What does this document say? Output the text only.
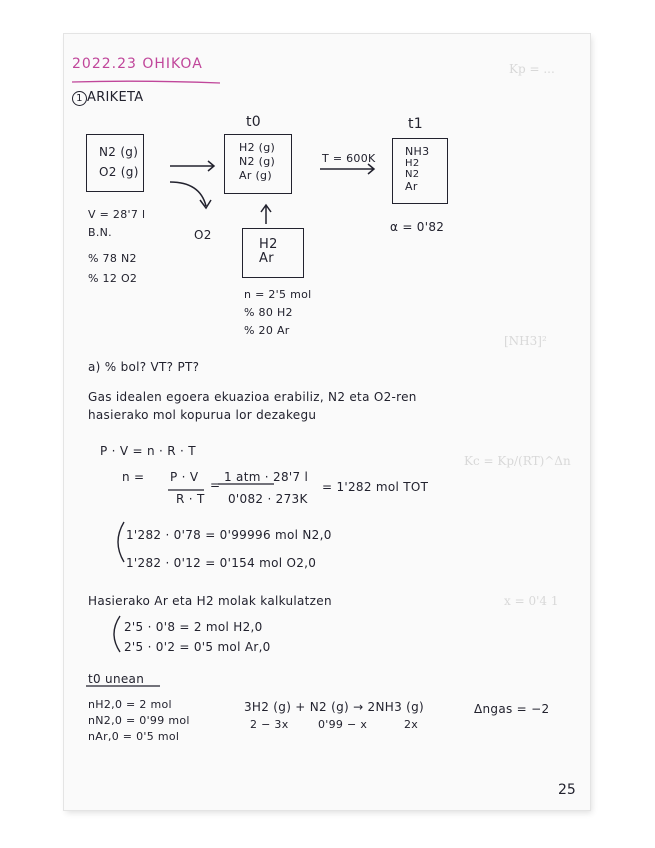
Kp = ...
[NH3]²
Kc = Kp/(RT)^Δn
x = 0'4 1
2022.23 OHIKOA
1 ARIKETA
N2 (g)
O2 (g)
V = 28'7 l
B.N.
% 78 N2
% 12 O2
O2
t0
H2 (g)
N2 (g)
Ar (g)
H2
Ar
n = 2'5 mol
% 80 H2
% 20 Ar
T = 600K
t1
NH3
H2
N2
Ar
α = 0'82
a) % bol? VT? PT?
Gas idealen egoera ekuazioa erabiliz, N2 eta O2-ren
hasierako mol kopurua lor dezakegu
P · V = n · R · T
n = P · V
R · T
=
1 atm · 28'7 l
0'082 · 273K
= 1'282 mol TOT
1'282 · 0'78 = 0'99996 mol N2,0
1'282 · 0'12 = 0'154 mol O2,0
Hasierako Ar eta H2 molak kalkulatzen
2'5 · 0'8 = 2 mol H2,0
2'5 · 0'2 = 0'5 mol Ar,0
t0 unean
nH2,0 = 2 mol
nN2,0 = 0'99 mol
nAr,0 = 0'5 mol
3H2 (g) + N2 (g) → 2NH3 (g)
2 − 3x	0'99 − x	2x
Δngas = −2
25
